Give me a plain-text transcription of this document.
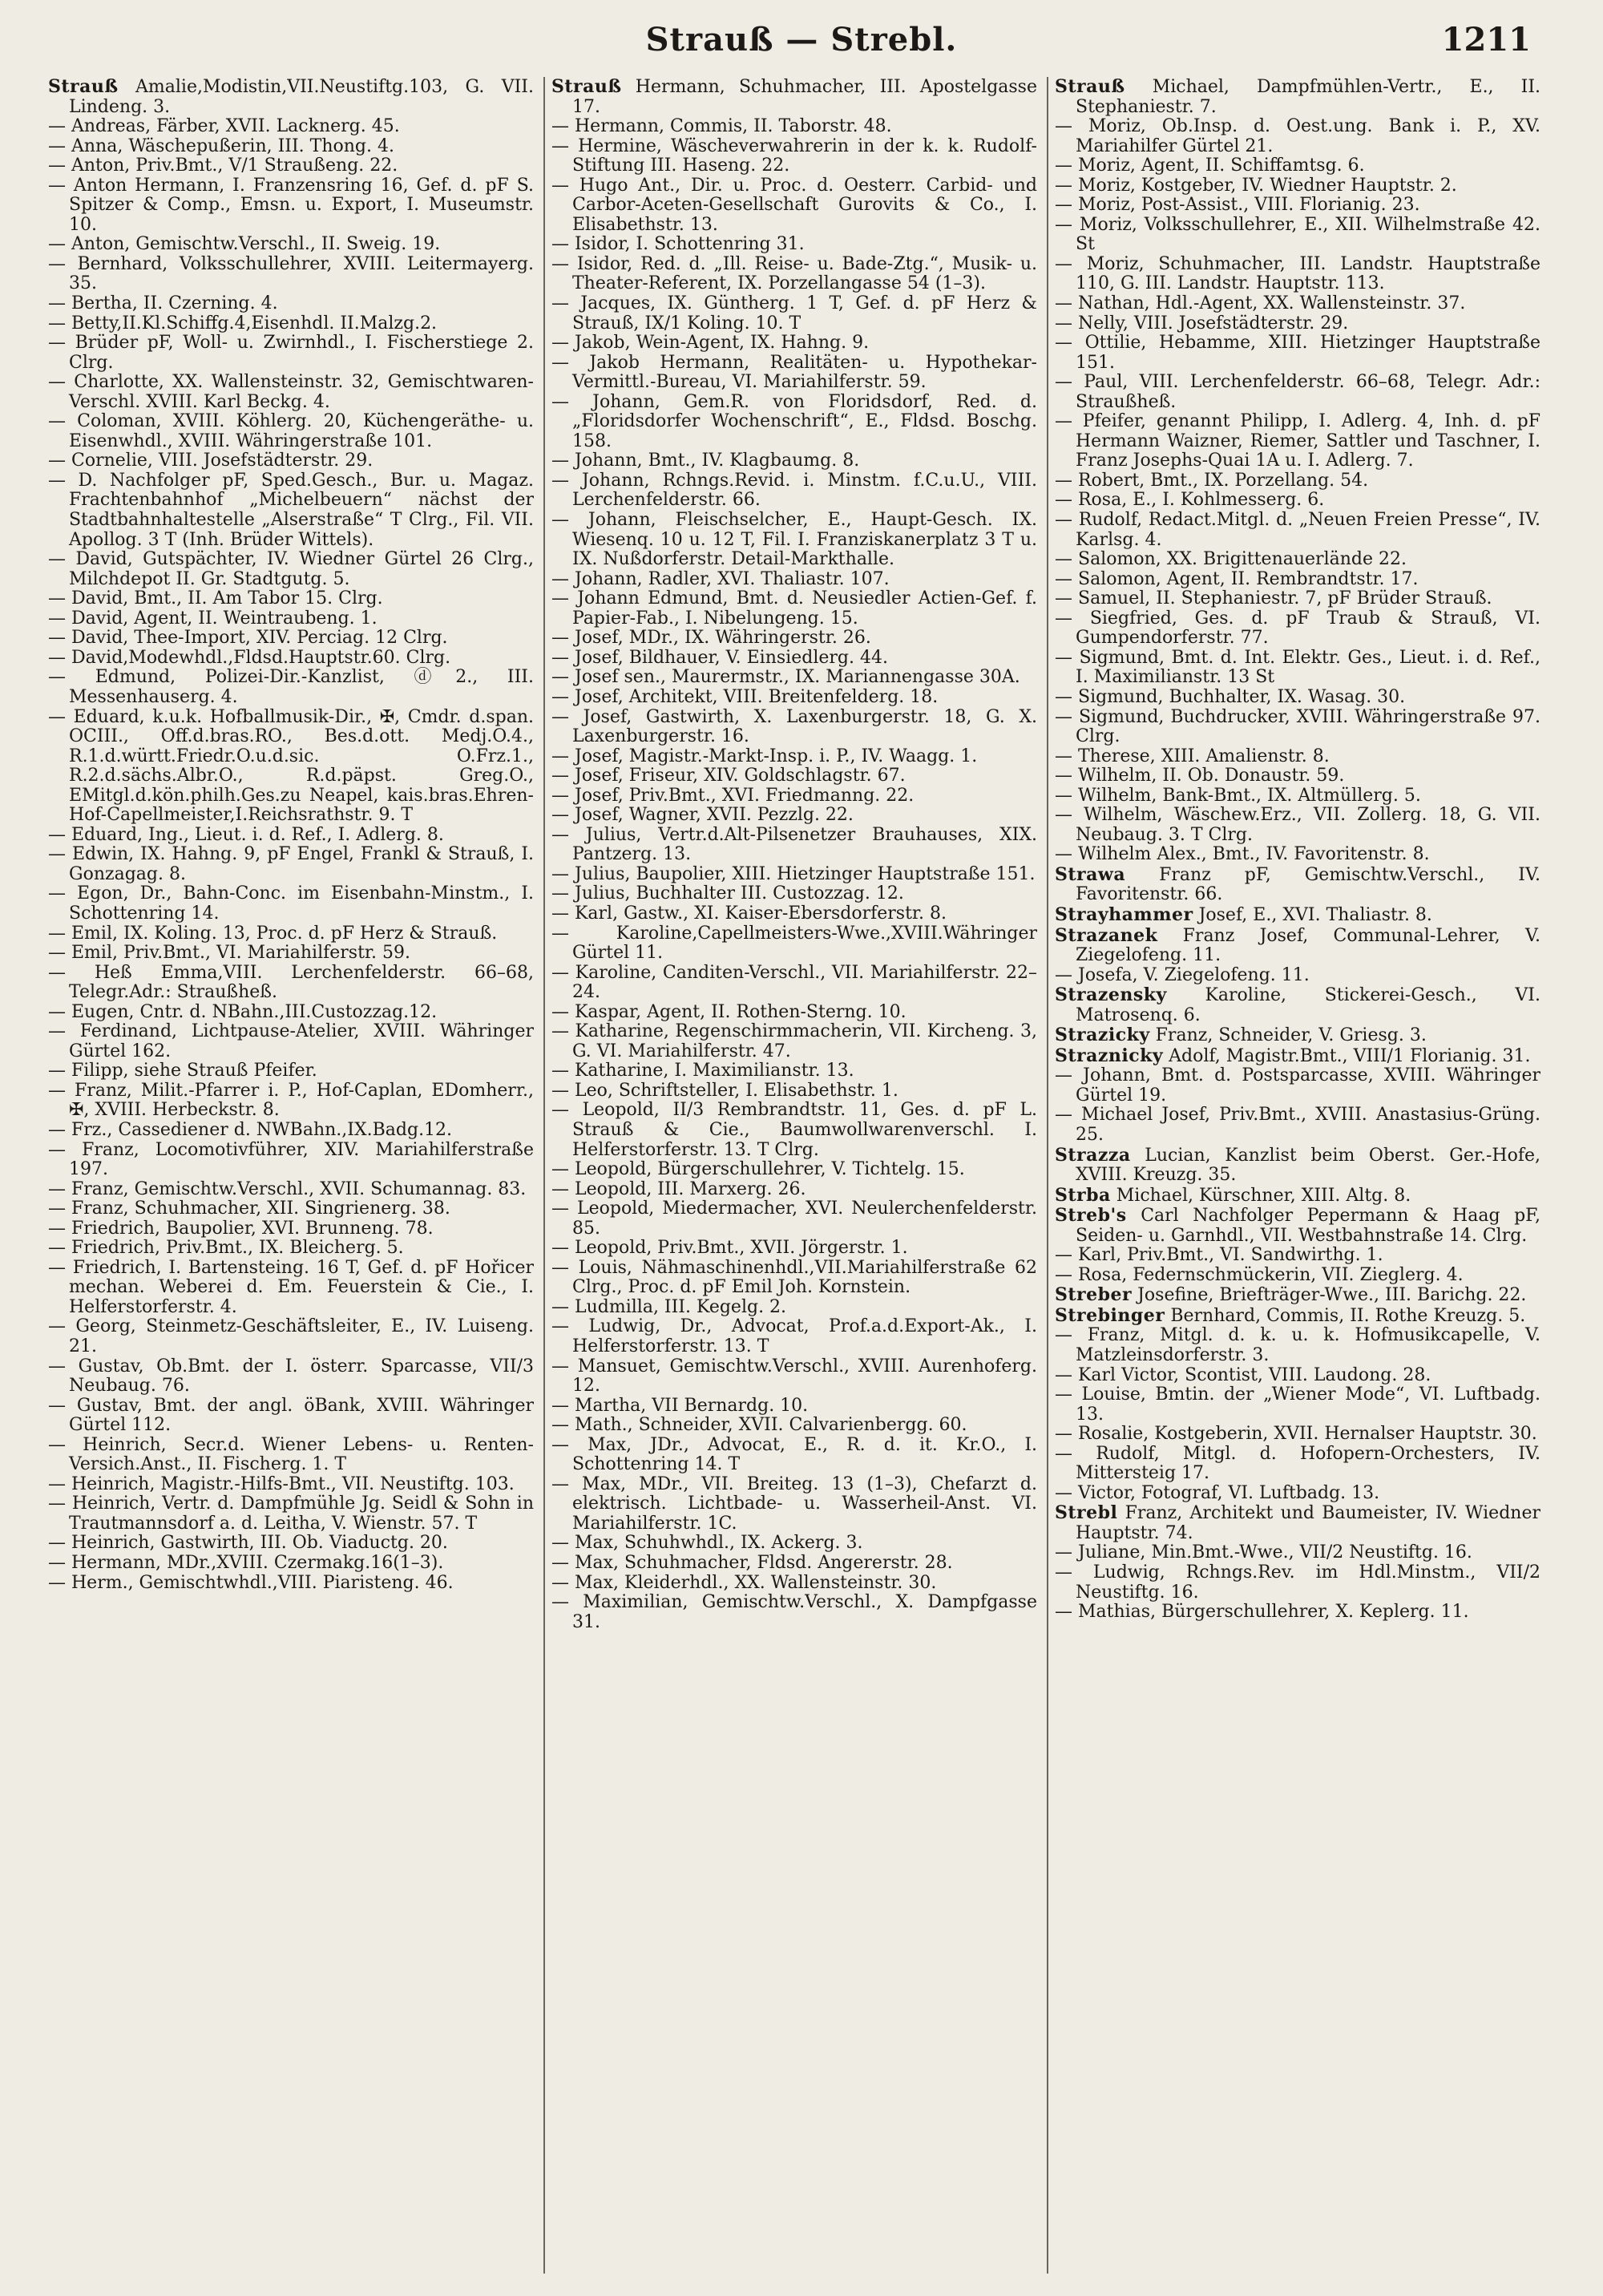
Strauß — Strebl.	1211
Strauß Amalie,Modistin,VII.Neustiftg.103, G. VII. Lindeng. 3.
— Andreas, Färber, XVII. Lacknerg. 45.
— Anna, Wäschepußerin, III. Thong. 4.
— Anton, Priv.Bmt., V/1 Straußeng. 22.
— Anton Hermann, I. Franzensring 16, Gef. d. pF S. Spitzer & Comp., Emsn. u. Export, I. Museumstr. 10.
— Anton, Gemischtw.Verschl., II. Sweig. 19.
— Bernhard, Volksschullehrer, XVIII. Leitermayerg. 35.
— Bertha, II. Czerning. 4.
— Betty,II.Kl.Schiffg.4,Eisenhdl. II.Malzg.2.
— Brüder pF, Woll- u. Zwirnhdl., I. Fischerstiege 2. Clrg.
— Charlotte, XX. Wallensteinstr. 32, Gemischtwaren-Verschl. XVIII. Karl Beckg. 4.
— Coloman, XVIII. Köhlerg. 20, Küchengeräthe- u. Eisenwhdl., XVIII. Währingerstraße 101.
— Cornelie, VIII. Josefstädterstr. 29.
— D. Nachfolger pF, Sped.Gesch., Bur. u. Magaz. Frachtenbahnhof „Michelbeuern“ nächst der Stadtbahnhaltestelle „Alserstraße“ T Clrg., Fil. VII. Apollog. 3 T (Inh. Brüder Wittels).
— David, Gutspächter, IV. Wiedner Gürtel 26 Clrg., Milchdepot II. Gr. Stadtgutg. 5.
— David, Bmt., II. Am Tabor 15. Clrg.
— David, Agent, II. Weintraubeng. 1.
— David, Thee-Import, XIV. Perciag. 12 Clrg.
— David,Modewhdl.,Fldsd.Hauptstr.60. Clrg.
— Edmund, Polizei-Dir.-Kanzlist, ⓓ2., III. Messenhauserg. 4.
— Eduard, k.u.k. Hofballmusik-Dir., ✠, Cmdr. d.span. OCIII., Off.d.bras.RO., Bes.d.ott. Medj.O.4., R.1.d.württ.Friedr.O.u.d.sic. O.Frz.1., R.2.d.sächs.Albr.O., R.d.päpst. Greg.O., EMitgl.d.kön.philh.Ges.zu Neapel, kais.bras.Ehren-Hof-Capellmeister,I.Reichsrathstr. 9. T
— Eduard, Ing., Lieut. i. d. Ref., I. Adlerg. 8.
— Edwin, IX. Hahng. 9, pF Engel, Frankl & Strauß, I. Gonzagag. 8.
— Egon, Dr., Bahn-Conc. im Eisenbahn-Minstm., I. Schottenring 14.
— Emil, IX. Koling. 13, Proc. d. pF Herz & Strauß.
— Emil, Priv.Bmt., VI. Mariahilferstr. 59.
— Heß Emma,VIII. Lerchenfelderstr. 66–68, Telegr.Adr.: Straußheß.
— Eugen, Cntr. d. NBahn.,III.Custozzag.12.
— Ferdinand, Lichtpause-Atelier, XVIII. Währinger Gürtel 162.
— Filipp, siehe Strauß Pfeifer.
— Franz, Milit.-Pfarrer i. P., Hof-Caplan, EDomherr., ✠, XVIII. Herbeckstr. 8.
— Frz., Cassediener d. NWBahn.,IX.Badg.12.
— Franz, Locomotivführer, XIV. Mariahilferstraße 197.
— Franz, Gemischtw.Verschl., XVII. Schumannag. 83.
— Franz, Schuhmacher, XII. Singrienerg. 38.
— Friedrich, Baupolier, XVI. Brunneng. 78.
— Friedrich, Priv.Bmt., IX. Bleicherg. 5.
— Friedrich, I. Bartensteing. 16 T, Gef. d. pF Hořicer mechan. Weberei d. Em. Feuerstein & Cie., I. Helferstorferstr. 4.
— Georg, Steinmetz-Geschäftsleiter, E., IV. Luiseng. 21.
— Gustav, Ob.Bmt. der I. österr. Sparcasse, VII/3 Neubaug. 76.
— Gustav, Bmt. der angl. öBank, XVIII. Währinger Gürtel 112.
— Heinrich, Secr.d. Wiener Lebens- u. Renten-Versich.Anst., II. Fischerg. 1. T
— Heinrich, Magistr.-Hilfs-Bmt., VII. Neustiftg. 103.
— Heinrich, Vertr. d. Dampfmühle Jg. Seidl & Sohn in Trautmannsdorf a. d. Leitha, V. Wienstr. 57. T
— Heinrich, Gastwirth, III. Ob. Viaductg. 20.
— Hermann, MDr.,XVIII. Czermakg.16(1–3).
— Herm., Gemischtwhdl.,VIII. Piaristeng. 46.
Strauß Hermann, Schuhmacher, III. Apostelgasse 17.
— Hermann, Commis, II. Taborstr. 48.
— Hermine, Wäscheverwahrerin in der k. k. Rudolf-Stiftung III. Haseng. 22.
— Hugo Ant., Dir. u. Proc. d. Oesterr. Carbid- und Carbor-Aceten-Gesellschaft Gurovits & Co., I. Elisabethstr. 13.
— Isidor, I. Schottenring 31.
— Isidor, Red. d. „Ill. Reise- u. Bade-Ztg.“, Musik- u. Theater-Referent, IX. Porzellangasse 54 (1–3).
— Jacques, IX. Güntherg. 1 T, Gef. d. pF Herz & Strauß, IX/1 Koling. 10. T
— Jakob, Wein-Agent, IX. Hahng. 9.
— Jakob Hermann, Realitäten- u. Hypothekar-Vermittl.-Bureau, VI. Mariahilferstr. 59.
— Johann, Gem.R. von Floridsdorf, Red. d. „Floridsdorfer Wochenschrift“, E., Fldsd. Boschg. 158.
— Johann, Bmt., IV. Klagbaumg. 8.
— Johann, Rchngs.Revid. i. Minstm. f.C.u.U., VIII. Lerchenfelderstr. 66.
— Johann, Fleischselcher, E., Haupt-Gesch. IX. Wiesenq. 10 u. 12 T, Fil. I. Franziskanerplatz 3 T u. IX. Nußdorferstr. Detail-Markthalle.
— Johann, Radler, XVI. Thaliastr. 107.
— Johann Edmund, Bmt. d. Neusiedler Actien-Gef. f. Papier-Fab., I. Nibelungeng. 15.
— Josef, MDr., IX. Währingerstr. 26.
— Josef, Bildhauer, V. Einsiedlerg. 44.
— Josef sen., Maurermstr., IX. Mariannengasse 30A.
— Josef, Architekt, VIII. Breitenfelderg. 18.
— Josef, Gastwirth, X. Laxenburgerstr. 18, G. X. Laxenburgerstr. 16.
— Josef, Magistr.-Markt-Insp. i. P., IV. Waagg. 1.
— Josef, Friseur, XIV. Goldschlagstr. 67.
— Josef, Priv.Bmt., XVI. Friedmanng. 22.
— Josef, Wagner, XVII. Pezzlg. 22.
— Julius, Vertr.d.Alt-Pilsenetzer Brauhauses, XIX. Pantzerg. 13.
— Julius, Baupolier, XIII. Hietzinger Hauptstraße 151.
— Julius, Buchhalter III. Custozzag. 12.
— Karl, Gastw., XI. Kaiser-Ebersdorferstr. 8.
— Karoline,Capellmeisters-Wwe.,XVIII.Währinger Gürtel 11.
— Karoline, Canditen-Verschl., VII. Mariahilferstr. 22–24.
— Kaspar, Agent, II. Rothen-Sterng. 10.
— Katharine, Regenschirmmacherin, VII. Kircheng. 3, G. VI. Mariahilferstr. 47.
— Katharine, I. Maximilianstr. 13.
— Leo, Schriftsteller, I. Elisabethstr. 1.
— Leopold, II/3 Rembrandtstr. 11, Ges. d. pF L. Strauß & Cie., Baumwollwarenverschl. I. Helferstorferstr. 13. T Clrg.
— Leopold, Bürgerschullehrer, V. Tichtelg. 15.
— Leopold, III. Marxerg. 26.
— Leopold, Miedermacher, XVI. Neulerchenfelderstr. 85.
— Leopold, Priv.Bmt., XVII. Jörgerstr. 1.
— Louis, Nähmaschinenhdl.,VII.Mariahilferstraße 62 Clrg., Proc. d. pF Emil Joh. Kornstein.
— Ludmilla, III. Kegelg. 2.
— Ludwig, Dr., Advocat, Prof.a.d.Export-Ak., I. Helferstorferstr. 13. T
— Mansuet, Gemischtw.Verschl., XVIII. Aurenhoferg. 12.
— Martha, VII Bernardg. 10.
— Math., Schneider, XVII. Calvarienbergg. 60.
— Max, JDr., Advocat, E., R. d. it. Kr.O., I. Schottenring 14. T
— Max, MDr., VII. Breiteg. 13 (1–3), Chefarzt d. elektrisch. Lichtbade- u. Wasserheil-Anst. VI. Mariahilferstr. 1C.
— Max, Schuhwhdl., IX. Ackerg. 3.
— Max, Schuhmacher, Fldsd. Angererstr. 28.
— Max, Kleiderhdl., XX. Wallensteinstr. 30.
— Maximilian, Gemischtw.Verschl., X. Dampfgasse 31.
Strauß Michael, Dampfmühlen-Vertr., E., II. Stephaniestr. 7.
— Moriz, Ob.Insp. d. Oest.ung. Bank i. P., XV. Mariahilfer Gürtel 21.
— Moriz, Agent, II. Schiffamtsg. 6.
— Moriz, Kostgeber, IV. Wiedner Hauptstr. 2.
— Moriz, Post-Assist., VIII. Florianig. 23.
— Moriz, Volksschullehrer, E., XII. Wilhelmstraße 42. St
— Moriz, Schuhmacher, III. Landstr. Hauptstraße 110, G. III. Landstr. Hauptstr. 113.
— Nathan, Hdl.-Agent, XX. Wallensteinstr. 37.
— Nelly, VIII. Josefstädterstr. 29.
— Ottilie, Hebamme, XIII. Hietzinger Hauptstraße 151.
— Paul, VIII. Lerchenfelderstr. 66–68, Telegr. Adr.: Straußheß.
— Pfeifer, genannt Philipp, I. Adlerg. 4, Inh. d. pF Hermann Waizner, Riemer, Sattler und Taschner, I. Franz Josephs-Quai 1A u. I. Adlerg. 7.
— Robert, Bmt., IX. Porzellang. 54.
— Rosa, E., I. Kohlmesserg. 6.
— Rudolf, Redact.Mitgl. d. „Neuen Freien Presse“, IV. Karlsg. 4.
— Salomon, XX. Brigittenauerlände 22.
— Salomon, Agent, II. Rembrandtstr. 17.
— Samuel, II. Stephaniestr. 7, pF Brüder Strauß.
— Siegfried, Ges. d. pF Traub & Strauß, VI. Gumpendorferstr. 77.
— Sigmund, Bmt. d. Int. Elektr. Ges., Lieut. i. d. Ref., I. Maximilianstr. 13 St
— Sigmund, Buchhalter, IX. Wasag. 30.
— Sigmund, Buchdrucker, XVIII. Währingerstraße 97. Clrg.
— Therese, XIII. Amalienstr. 8.
— Wilhelm, II. Ob. Donaustr. 59.
— Wilhelm, Bank-Bmt., IX. Altmüllerg. 5.
— Wilhelm, Wäschew.Erz., VII. Zollerg. 18, G. VII. Neubaug. 3. T Clrg.
— Wilhelm Alex., Bmt., IV. Favoritenstr. 8.
Strawa Franz pF, Gemischtw.Verschl., IV. Favoritenstr. 66.
Strayhammer Josef, E., XVI. Thaliastr. 8.
Strazanek Franz Josef, Communal-Lehrer, V. Ziegelofeng. 11.
— Josefa, V. Ziegelofeng. 11.
Strazensky Karoline, Stickerei-Gesch., VI. Matrosenq. 6.
Strazicky Franz, Schneider, V. Griesg. 3.
Straznicky Adolf, Magistr.Bmt., VIII/1 Florianig. 31.
— Johann, Bmt. d. Postsparcasse, XVIII. Währinger Gürtel 19.
— Michael Josef, Priv.Bmt., XVIII. Anastasius-Grüng. 25.
Strazza Lucian, Kanzlist beim Oberst. Ger.-Hofe, XVIII. Kreuzg. 35.
Strba Michael, Kürschner, XIII. Altg. 8.
Streb's Carl Nachfolger Pepermann & Haag pF, Seiden- u. Garnhdl., VII. Westbahnstraße 14. Clrg.
— Karl, Priv.Bmt., VI. Sandwirthg. 1.
— Rosa, Federnschmückerin, VII. Zieglerg. 4.
Streber Josefine, Briefträger-Wwe., III. Barichg. 22.
Strebinger Bernhard, Commis, II. Rothe Kreuzg. 5.
— Franz, Mitgl. d. k. u. k. Hofmusikcapelle, V. Matzleinsdorferstr. 3.
— Karl Victor, Scontist, VIII. Laudong. 28.
— Louise, Bmtin. der „Wiener Mode“, VI. Luftbadg. 13.
— Rosalie, Kostgeberin, XVII. Hernalser Hauptstr. 30.
— Rudolf, Mitgl. d. Hofopern-Orchesters, IV. Mittersteig 17.
— Victor, Fotograf, VI. Luftbadg. 13.
Strebl Franz, Architekt und Baumeister, IV. Wiedner Hauptstr. 74.
— Juliane, Min.Bmt.-Wwe., VII/2 Neustiftg. 16.
— Ludwig, Rchngs.Rev. im Hdl.Minstm., VII/2 Neustiftg. 16.
— Mathias, Bürgerschullehrer, X. Keplerg. 11.
